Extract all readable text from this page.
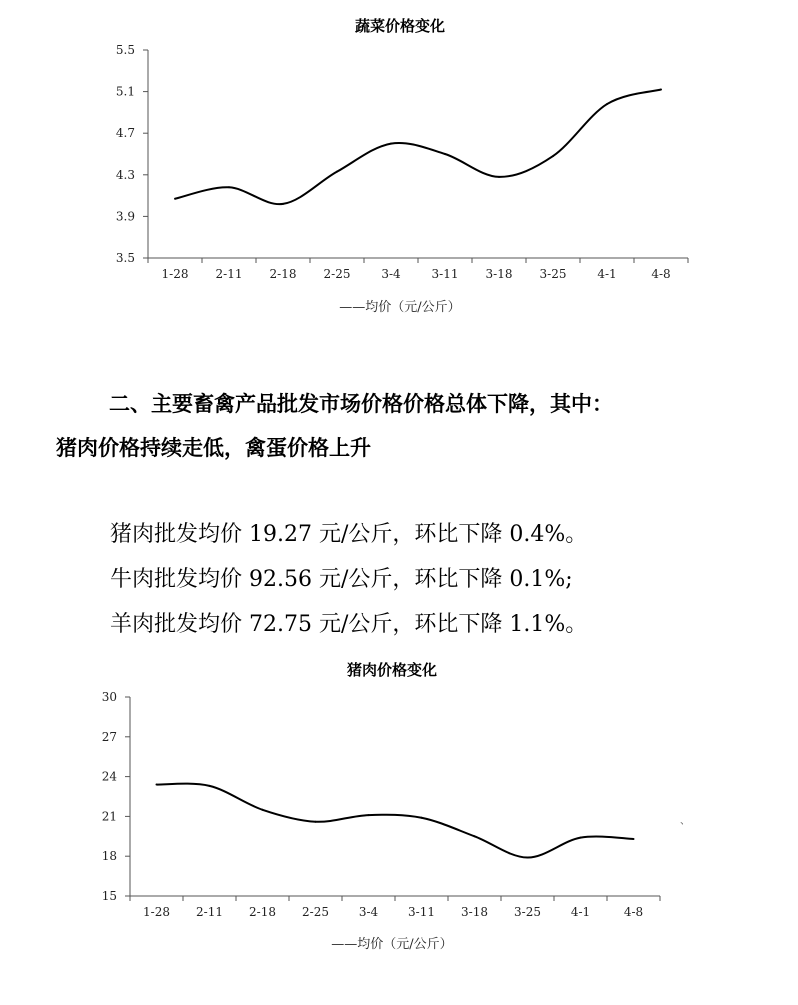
蔬菜价格变化
5.5
5.1
4.7
4.3
3.9
3.5
1-28 2-11 2-18 2-25	3-4	3-11 3-18 3-25	4-1	4-8
——均价（元/公斤）
二、主要畜禽产品批发市场价格价格总体下降，其中：
猪肉价格持续走低，禽蛋价格上升
猪肉批发均价 19.27 元/公斤，环比下降 0.4%。
牛肉批发均价 92.56 元/公斤，环比下降 0.1%;
羊肉批发均价 72.75 元/公斤，环比下降 1.1%。
猪肉价格变化
30
27
24
21
18
15
1-28 2-11 2-18 2-25 3-4 3-11 3-18 3-25 4-1	4-8
——均价（元/公斤）
、
